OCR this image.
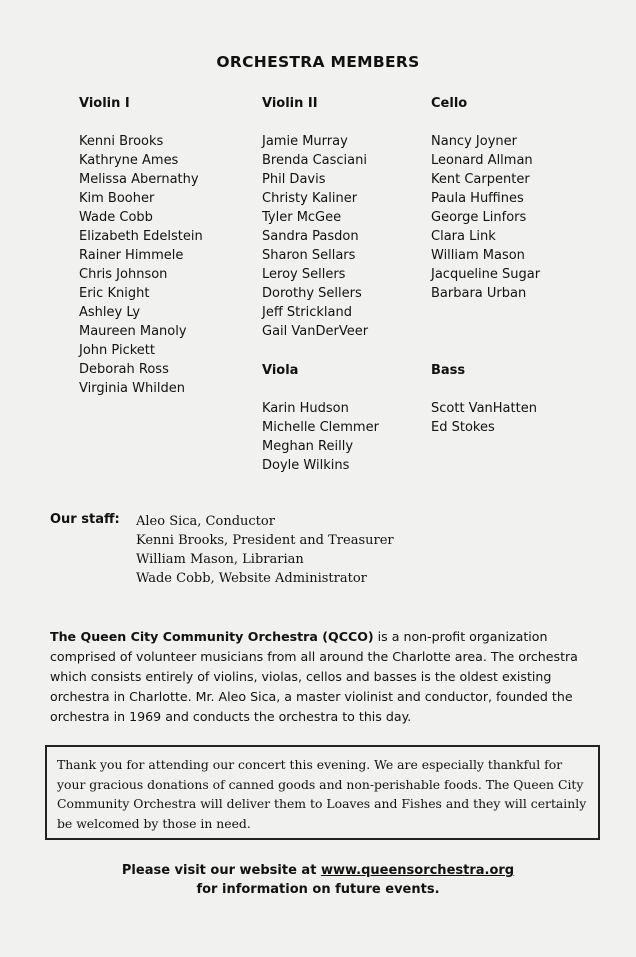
ORCHESTRA MEMBERS
Violin I
Kenni Brooks
Kathryne Ames
Melissa Abernathy
Kim Booher
Wade Cobb
Elizabeth Edelstein
Rainer Himmele
Chris Johnson
Eric Knight
Ashley Ly
Maureen Manoly
John Pickett
Deborah Ross
Virginia Whilden
Violin II
Jamie Murray
Brenda Casciani
Phil Davis
Christy Kaliner
Tyler McGee
Sandra Pasdon
Sharon Sellars
Leroy Sellers
Dorothy Sellers
Jeff Strickland
Gail VanDerVeer
Cello
Nancy Joyner
Leonard Allman
Kent Carpenter
Paula Huffines
George Linfors
Clara Link
William Mason
Jacqueline Sugar
Barbara Urban
Viola
Karin Hudson
Michelle Clemmer
Meghan Reilly
Doyle Wilkins
Bass
Scott VanHatten
Ed Stokes
Our staff: Aleo Sica, Conductor
Kenni Brooks, President and Treasurer
William Mason, Librarian
Wade Cobb, Website Administrator
The Queen City Community Orchestra (QCCO) is a non-profit organization comprised of volunteer musicians from all around the Charlotte area. The orchestra which consists entirely of violins, violas, cellos and basses is the oldest existing orchestra in Charlotte. Mr. Aleo Sica, a master violinist and conductor, founded the orchestra in 1969 and conducts the orchestra to this day.
Thank you for attending our concert this evening. We are especially thankful for your gracious donations of canned goods and non-perishable foods. The Queen City Community Orchestra will deliver them to Loaves and Fishes and they will certainly be welcomed by those in need.
Please visit our website at www.queensorchestra.org
for information on future events.
